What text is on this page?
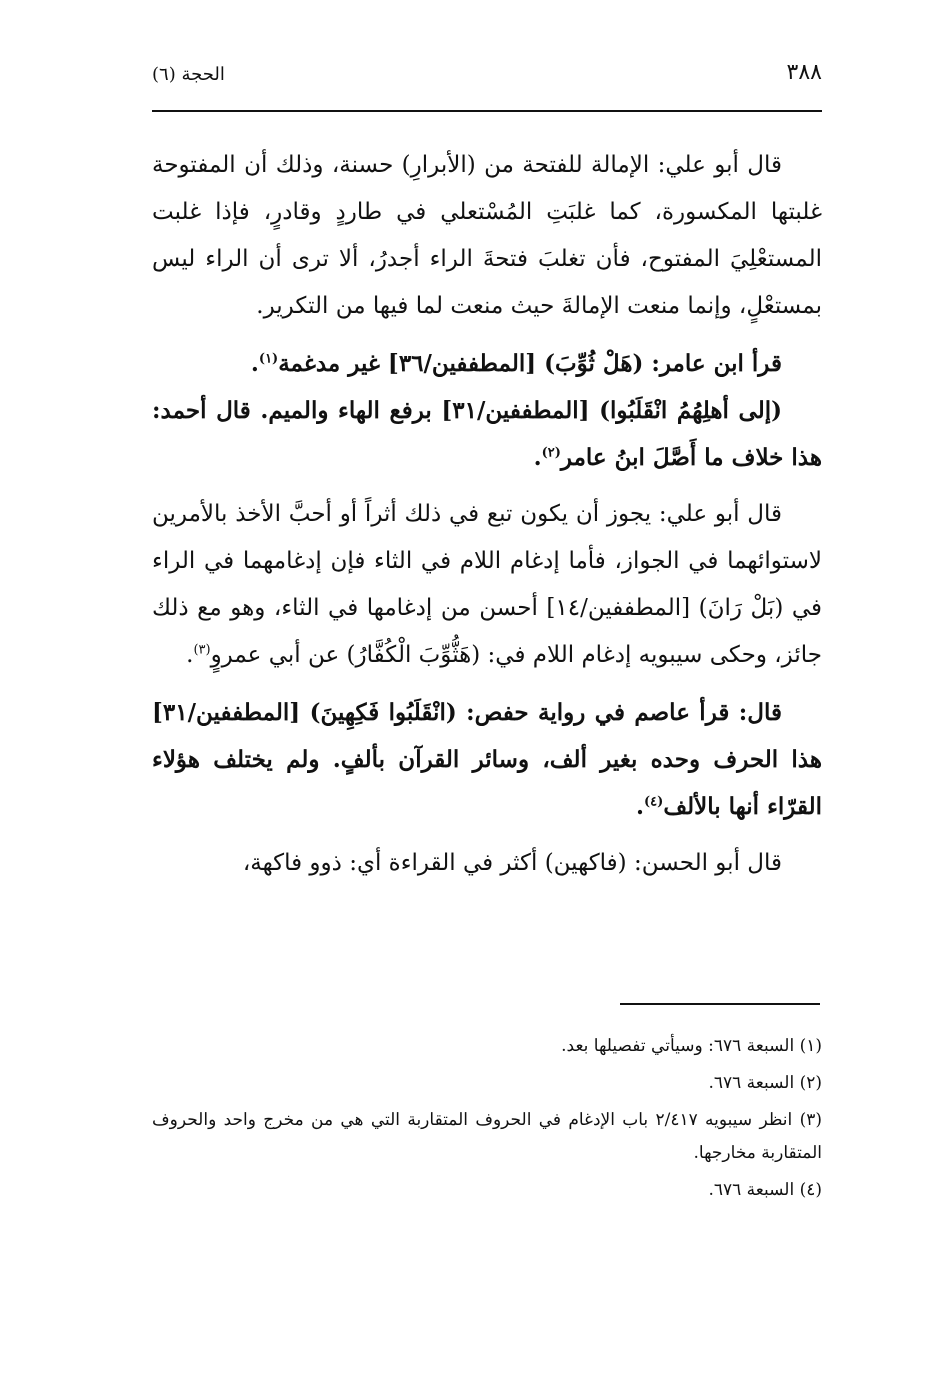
٣٨٨
الحجة (٦)

قال أبو علي: الإمالة للفتحة من (الأبرارِ) حسنة، وذلك أن المفتوحة غلبتها المكسورة، كما غلبَتِ المُسْتعلي في طاردٍ وقادرٍ، فإذا غلبت المستعْلِيَ المفتوح، فأن تغلبَ فتحةَ الراء أجدرُ، ألا ترى أن الراء ليس بمستعْلٍ، وإنما منعت الإمالةَ حيث منعت لما فيها من التكرير.

قرأ ابن عامر: (هَلْ ثُوِّبَ) [المطففين/٣٦] غير مدغمة$^{(١)}$.

(إلى أهلِهُمُ انْقَلَبُوا) [المطففين/٣١] برفع الهاء والميم. قال أحمد: هذا خلاف ما أَصَّلَ ابنُ عامر$^{(٢)}$.

قال أبو علي: يجوز أن يكون تبع في ذلك أثراً أو أحبَّ الأخذ بالأمرين لاستوائهما في الجواز، فأما إدغام اللام في الثاء فإن إدغامهما في الراء في (بَلْ رَانَ) [المطففين/١٤] أحسن من إدغامها في الثاء، وهو مع ذلك جائز، وحكى سيبويه إدغام اللام في: (هَثُّوِّبَ الْكُفَّارُ) عن أبي عمروٍ$^{(٣)}$.

قال: قرأ عاصم في رواية حفص: (انْقَلَبُوا فَكِهِينَ) [المطففين/٣١] هذا الحرف وحده بغير ألف، وسائر القرآن بألفٍ. ولم يختلف هؤلاء القرّاء أنها بالألف$^{(٤)}$.

قال أبو الحسن: (فاكهين) أكثر في القراءة أي: ذوو فاكهة،

(١) السبعة ٦٧٦: وسيأتي تفصيلها بعد.

(٢) السبعة ٦٧٦.

(٣) انظر سيبويه ٢/٤١٧ باب الإدغام في الحروف المتقاربة التي هي من مخرج واحد والحروف المتقاربة مخارجها.

(٤) السبعة ٦٧٦.
